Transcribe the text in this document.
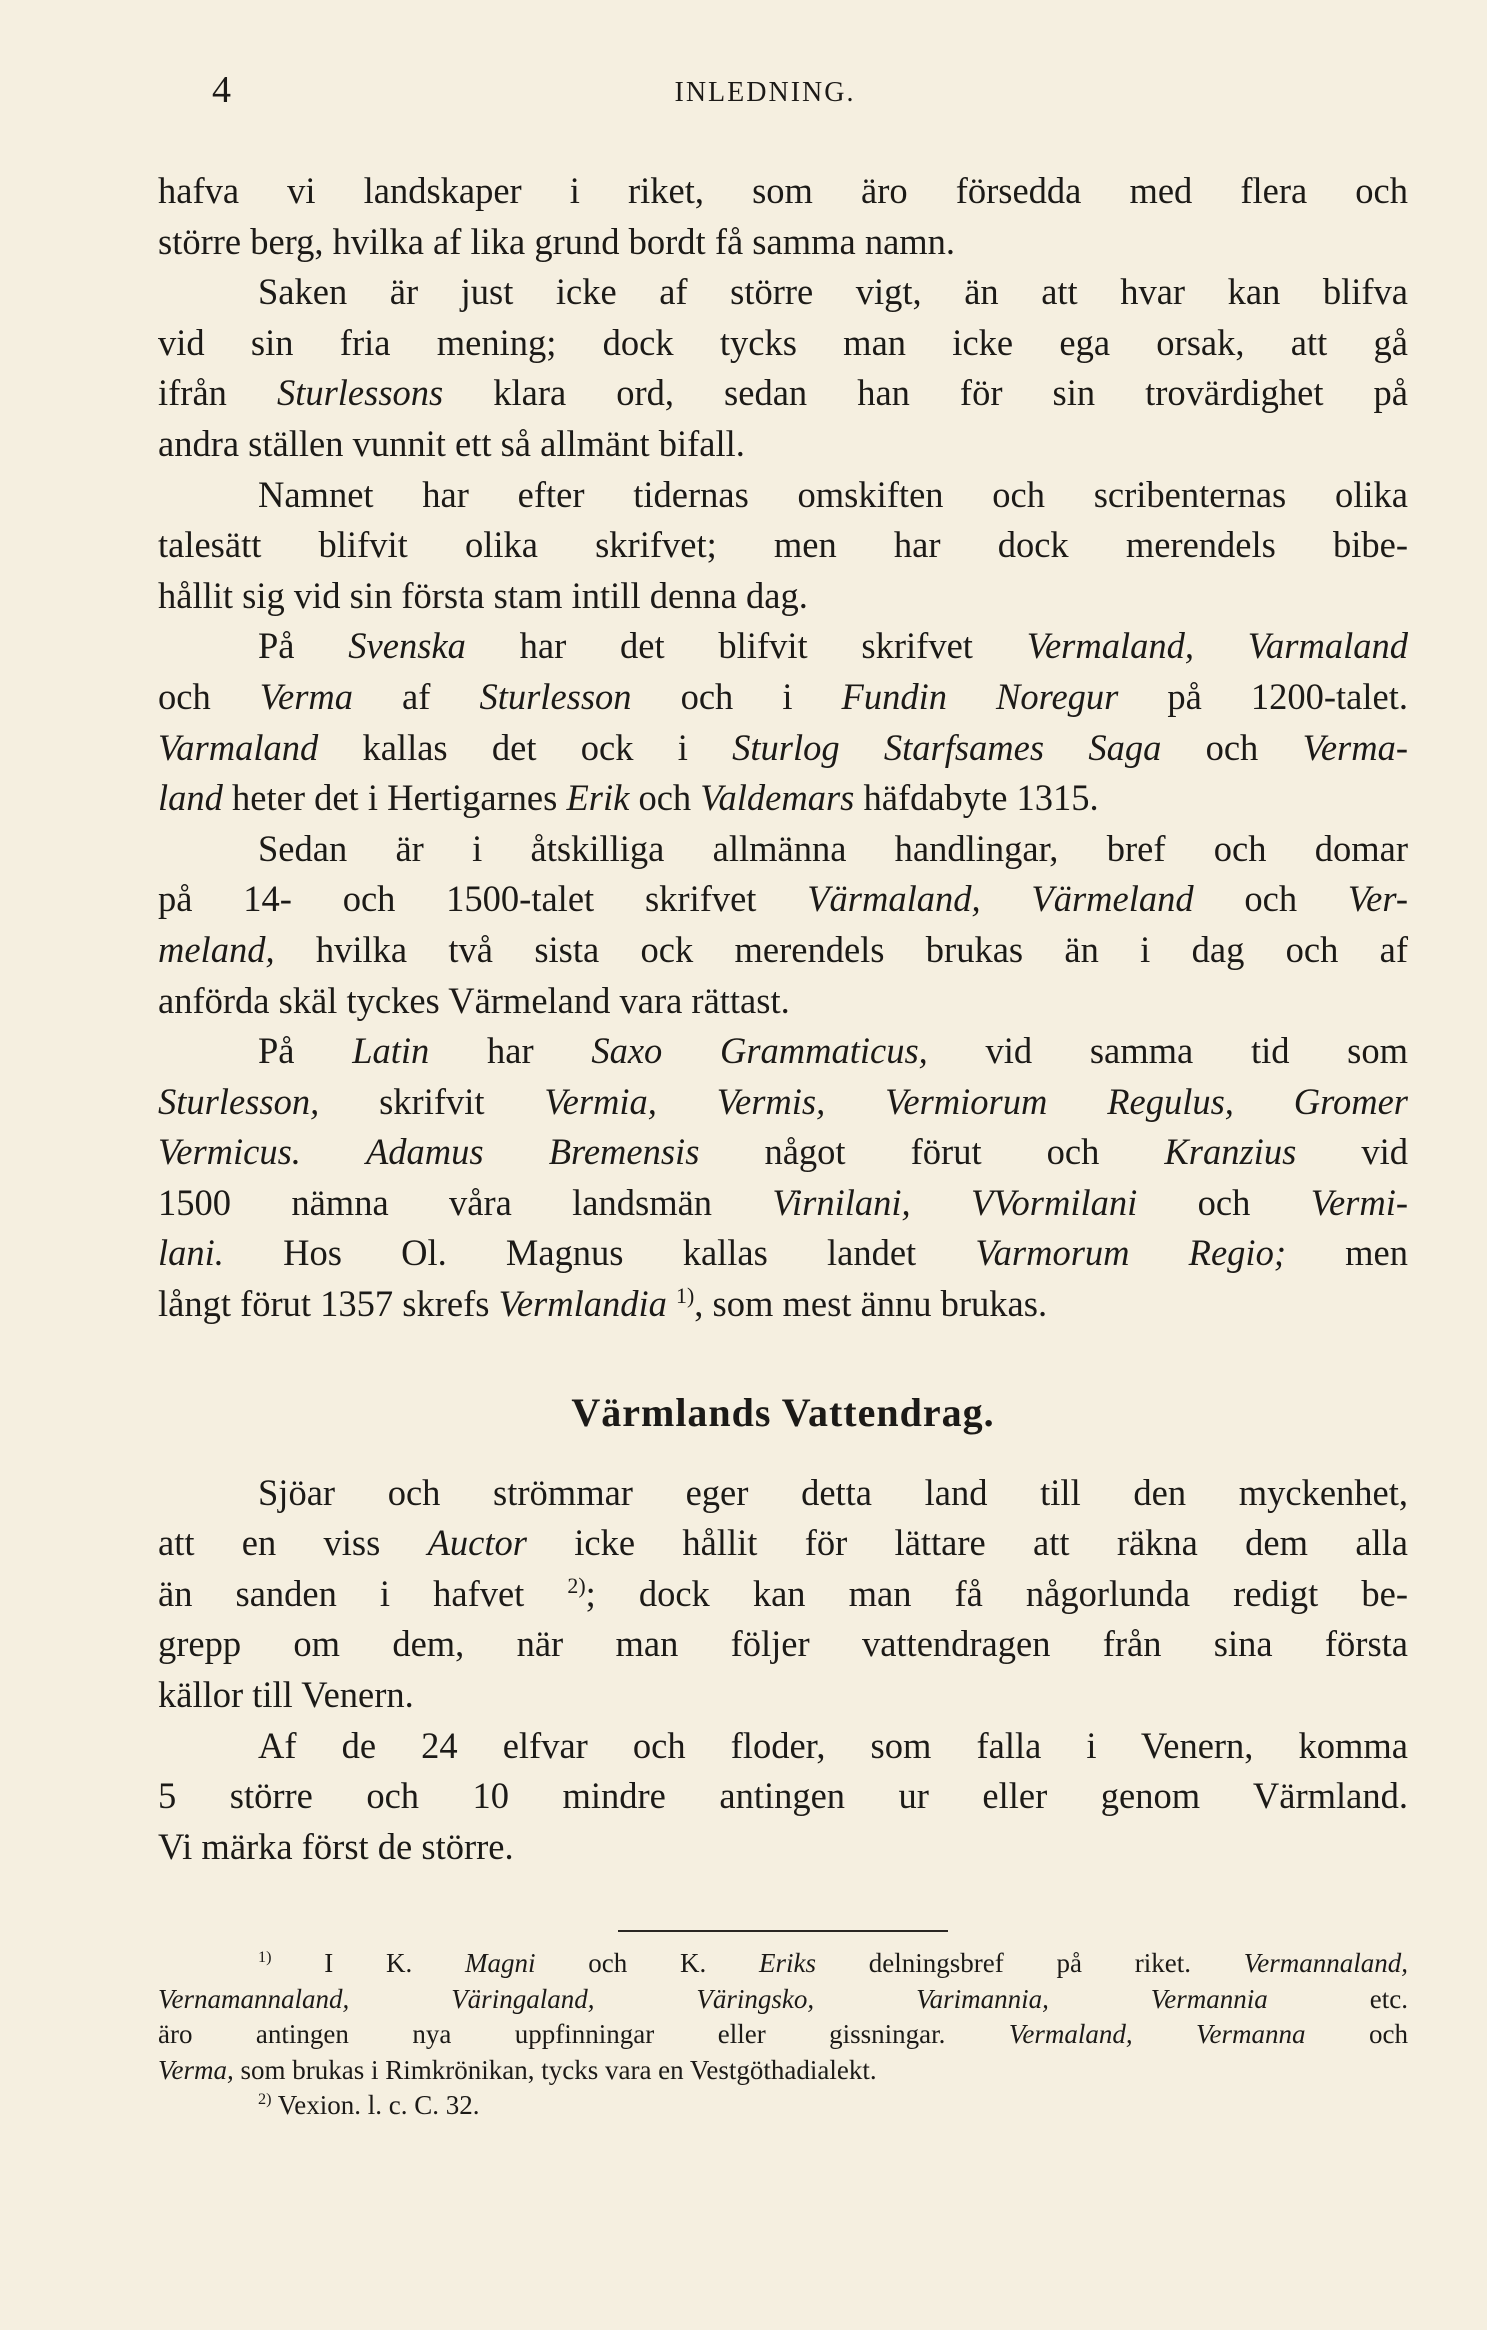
4	INLEDNING.
hafva vi landskaper i riket, som äro försedda med flera och
större berg, hvilka af lika grund bordt få samma namn.
Saken är just icke af större vigt, än att hvar kan blifva
vid sin fria mening; dock tycks man icke ega orsak, att gå
ifrån Sturlessons klara ord, sedan han för sin trovärdighet på
andra ställen vunnit ett så allmänt bifall.
Namnet har efter tidernas omskiften och scribenternas olika
talesätt blifvit olika skrifvet; men har dock merendels bibe-
hållit sig vid sin första stam intill denna dag.
På Svenska har det blifvit skrifvet Vermaland, Varmaland
och Verma af Sturlesson och i Fundin Noregur på 1200-talet.
Varmaland kallas det ock i Sturlog Starfsames Saga och Verma-
land heter det i Hertigarnes Erik och Valdemars häfdabyte 1315.
Sedan är i åtskilliga allmänna handlingar, bref och domar
på 14- och 1500-talet skrifvet Värmaland, Värmeland och Ver-
meland, hvilka två sista ock merendels brukas än i dag och af
anförda skäl tyckes Värmeland vara rättast.
På Latin har Saxo Grammaticus, vid samma tid som
Sturlesson, skrifvit Vermia, Vermis, Vermiorum Regulus, Gromer
Vermicus. Adamus Bremensis något förut och Kranzius vid
1500 nämna våra landsmän Virnilani, VVormilani och Vermi-
lani. Hos Ol. Magnus kallas landet Varmorum Regio; men
långt förut 1357 skrefs Vermlandia $^{1)}$, som mest ännu brukas.
Värmlands Vattendrag.
Sjöar och strömmar eger detta land till den myckenhet,
att en viss Auctor icke hållit för lättare att räkna dem alla
än sanden i hafvet $^{2)}$; dock kan man få någorlunda redigt be-
grepp om dem, när man följer vattendragen från sina första
källor till Venern.
Af de 24 elfvar och floder, som falla i Venern, komma
5 större och 10 mindre antingen ur eller genom Värmland.
Vi märka först de större.
$^{1)}$ I K. Magni och K. Eriks delningsbref på riket. Vermannaland,
Vernamannaland, Väringaland, Väringsko, Varimannia, Vermannia etc.
äro antingen nya uppfinningar eller gissningar. Vermaland, Vermanna och
Verma, som brukas i Rimkrönikan, tycks vara en Vestgöthadialekt.
$^{2)}$ Vexion. l. c. C. 32.
